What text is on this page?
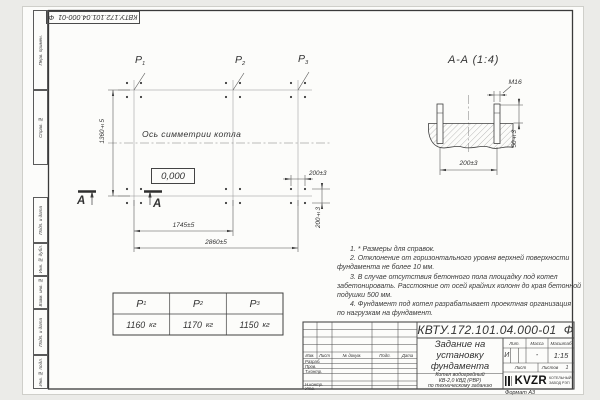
КВТУ.172.101.04.000-01  Ф
Перв. примен.
Справ. №
Подп. и дата
Инв. № дубл.
Взам. инв. №
Подп. и дата
Инв. № подл.
$Р_1$	$Р_2$	$Р_3$
Ось симметрии котла
0,000
1360±5
1745±5
2860±5
200±3
200±3
А	А
А-А (1:4)
М16
200±3
50±3
1. * Размеры для справок.
2. Отклонение от горизонтального уровня верхней поверхности
фундамента не более 10 мм.
3. В случае отсутствия бетонного пола площадку под котел
забетонировать. Расстояние от осей крайних колонн до края бетонной
подушки 500 мм.
4. Фундамент под котел разрабатывает проектная организация
по нагрузкам на фундамент.
Р 1	Р 2	Р 3
1160 кг	1170 кг	1150 кг	КВТУ.172.101.04.000-01  Ф
Изм.	Лист	№ докум.	Подп.	Дата
Разраб.
Пров.
Т.контр.
Н.контр.
Утв.
Задание на
установку
фундамента
Котел водогрейный
КВ-2,0 КВД (РВР)
по техническому заданию
Лит.	Масса	Масштаб
И	-	1:15
Лист	Листов	1
KVZR КОТЕЛЬНЫЙ
ЗАВОД РЭП
Формат А3
